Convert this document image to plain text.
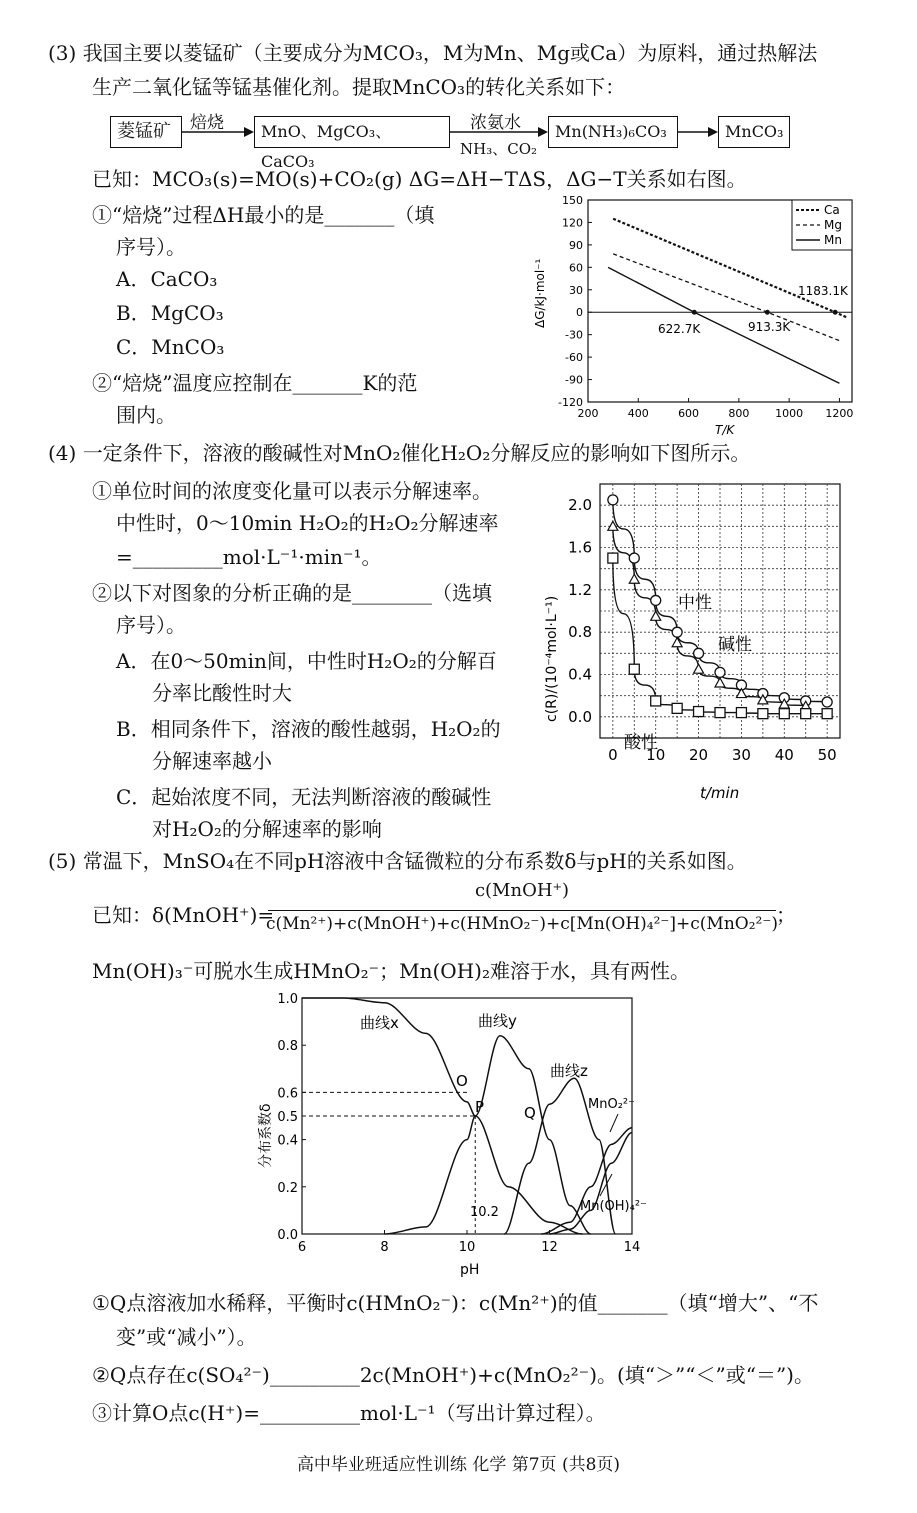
(3) 我国主要以菱锰矿（主要成分为MCO₃，M为Mn、Mg或Ca）为原料，通过热解法
生产二氧化锰等锰基催化剂。提取MnCO₃的转化关系如下：
菱锰矿	焙烧	MnO、MgCO₃、CaCO₃
浓氨水
NH₃、CO₂
Mn(NH₃)₆CO₃	MnCO₃
已知：MCO₃(s)=MO(s)+CO₂(g) ΔG=ΔH−TΔS，ΔG−T关系如右图。
①“焙烧”过程ΔH最小的是_______（填
序号）。
A．CaCO₃
B．MgCO₃
C．MnCO₃
②“焙烧”温度应控制在_______K的范
围内。
150
120
90
60
30
0
-30
-60
-90
-120
200	400	600	800 1000 1200
Ca
Mg
Mn
622.7K	913.3K
1183.1K
T/K
ΔG/kJ·mol⁻¹
(4) 一定条件下，溶液的酸碱性对MnO₂催化H₂O₂分解反应的影响如下图所示。
①单位时间的浓度变化量可以表示分解速率。
中性时，0～10min H₂O₂的H₂O₂分解速率
=_________mol·L⁻¹·min⁻¹。
②以下对图象的分析正确的是________（选填
序号）。
A．在0～50min间，中性时H₂O₂的分解百
分率比酸性时大
B．相同条件下，溶液的酸性越弱，H₂O₂的
分解速率越小
C．起始浓度不同，无法判断溶液的酸碱性
对H₂O₂的分解速率的影响
2.0
1.6
1.2
0.8
0.4
0.0
0 10 20 30 40 50
中性
碱性
酸性
t/min
c(R)/(10⁻⁴mol·L⁻¹)
(5) 常温下，MnSO₄在不同pH溶液中含锰微粒的分布系数δ与pH的关系如图。
已知：δ(MnOH⁺)=
c(MnOH⁺)
c(Mn²⁺)+c(MnOH⁺)+c(HMnO₂⁻)+c[Mn(OH)₄²⁻]+c(MnO₂²⁻)
；
Mn(OH)₃⁻可脱水生成HMnO₂⁻；Mn(OH)₂难溶于水，具有两性。
1.0
0.8
0.6
0.5
0.4
0.2
0.0
6	8	10	12	14
曲线x	曲线y
曲线z
MnO₂²⁻
Mn(OH)₄²⁻
O
P	Q
10.2
pH
分布系数δ
①Q点溶液加水稀释，平衡时c(HMnO₂⁻)：c(Mn²⁺)的值_______（填“增大”、“不
变”或“减小”）。
②Q点存在c(SO₄²⁻)_________2c(MnOH⁺)+c(MnO₂²⁻)。(填“＞”“＜”或“＝”)。
③计算O点c(H⁺)=__________mol·L⁻¹（写出计算过程）。
高中毕业班适应性训练 化学 第7页 (共8页)
